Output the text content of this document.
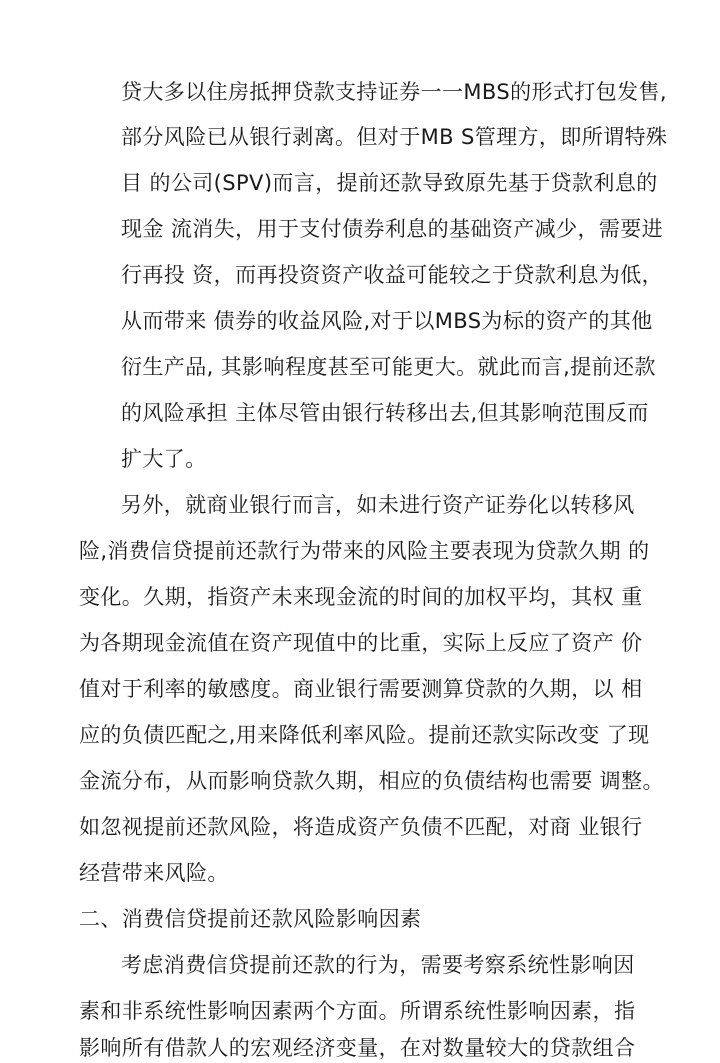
贷大多以住房抵押贷款支持证券一一MBS的形式打包发售,
部分风险已从银行剥离。但对于MB S管理方，即所谓特殊
目 的公司(SPV)而言，提前还款导致原先基于贷款利息的
现金 流消失，用于支付债券利息的基础资产减少，需要进
行再投 资，而再投资资产收益可能较之于贷款利息为低，
从而带来 债券的收益风险,对于以MBS为标的资产的其他
衍生产品, 其影响程度甚至可能更大。就此而言,提前还款
的风险承担 主体尽管由银行转移出去,但其影响范围反而
扩大了。
另外，就商业银行而言，如未进行资产证券化以转移风
险,消费信贷提前还款行为带来的风险主要表现为贷款久期 的
变化。久期，指资产未来现金流的时间的加权平均，其权 重
为各期现金流值在资产现值中的比重，实际上反应了资产 价
值对于利率的敏感度。商业银行需要测算贷款的久期，以 相
应的负债匹配之,用来降低利率风险。提前还款实际改变 了现
金流分布，从而影响贷款久期，相应的负债结构也需要 调整。
如忽视提前还款风险，将造成资产负债不匹配，对商 业银行
经营带来风险。
二、消费信贷提前还款风险影响因素
考虑消费信贷提前还款的行为，需要考察系统性影响因
素和非系统性影响因素两个方面。所谓系统性影响因素，指
影响所有借款人的宏观经济变量，在对数量较大的贷款组合
